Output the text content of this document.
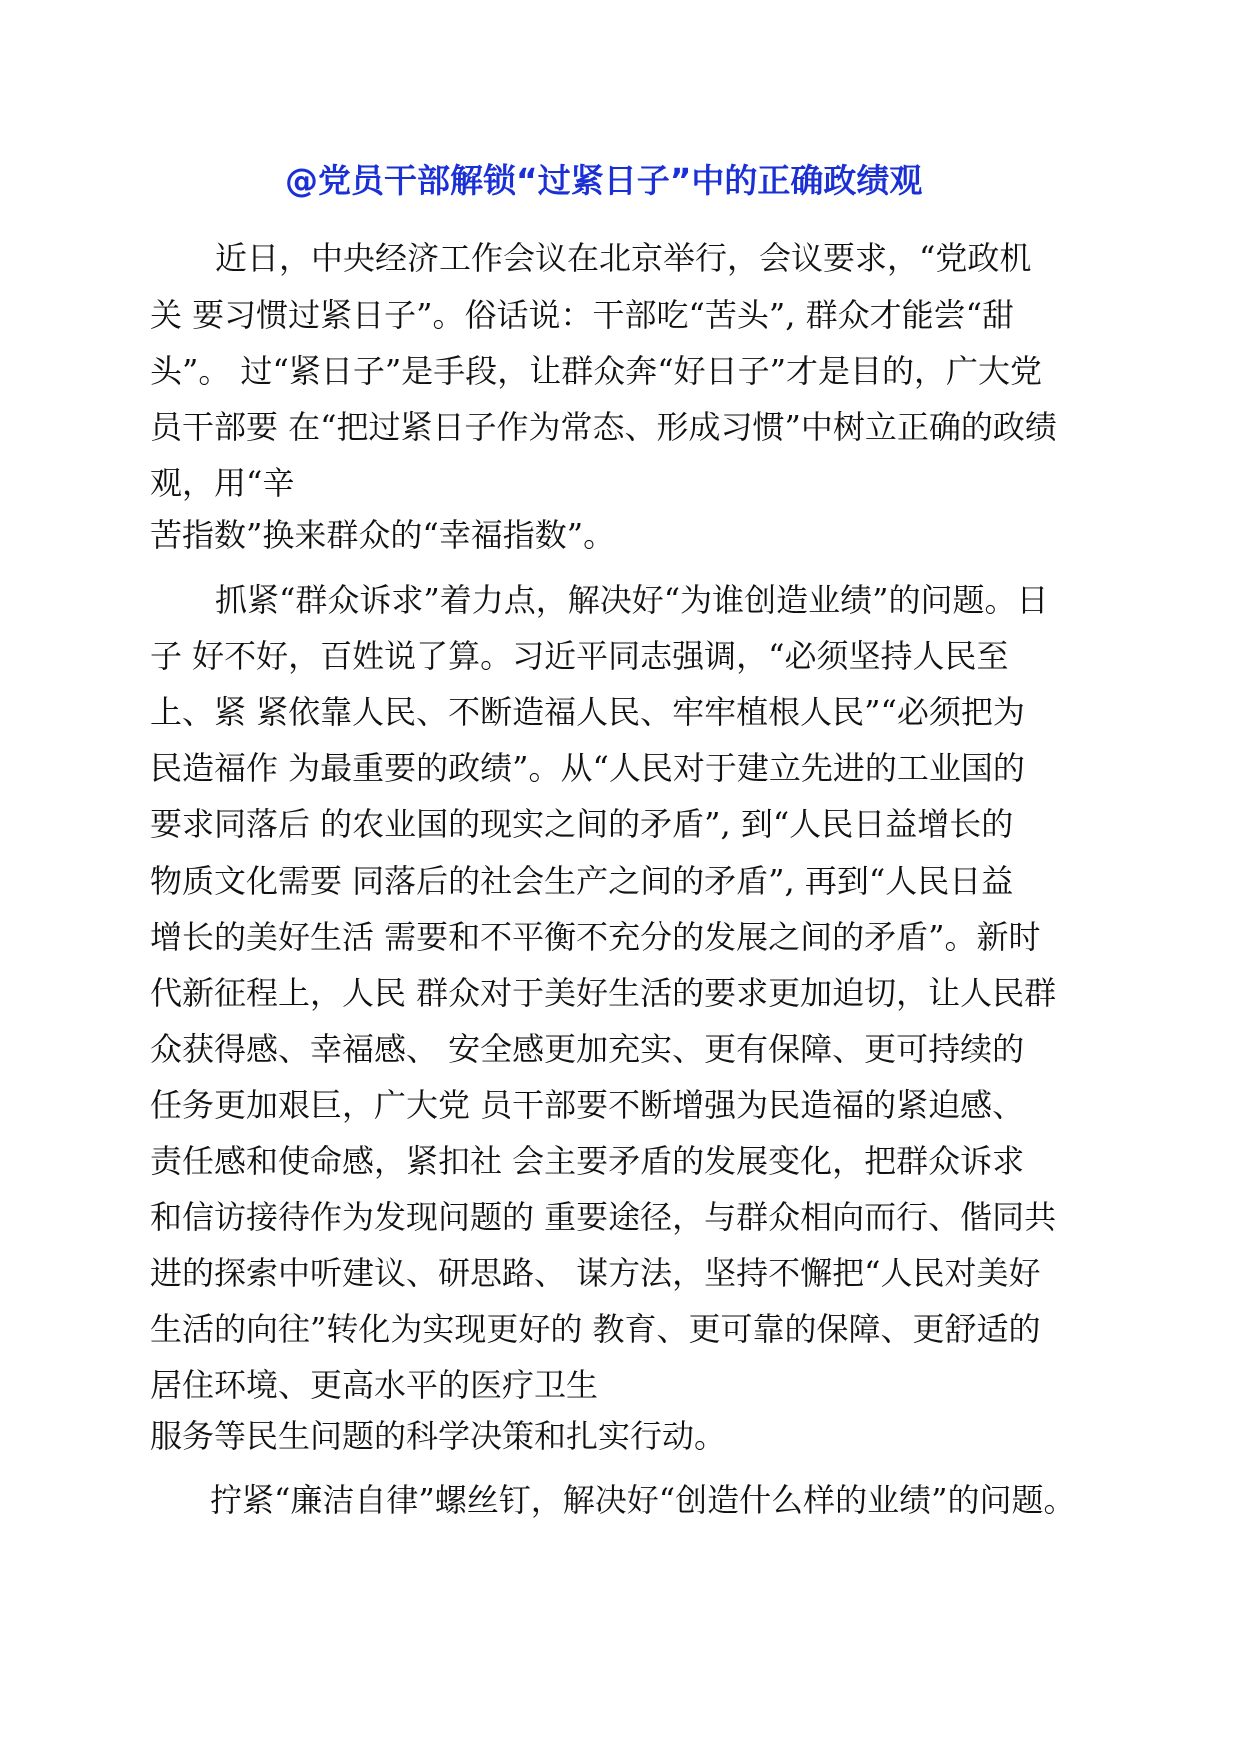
@党员干部解锁“过紧日子”中的正确政绩观
近日，中央经济工作会议在北京举行，会议要求，“党政机
关 要习惯过紧日子”。俗话说：干部吃“苦头”, 群众才能尝“甜
头”。 过“紧日子”是手段，让群众奔“好日子”才是目的，广大党
员干部要 在“把过紧日子作为常态、形成习惯”中树立正确的政绩
观，用“辛
苦指数”换来群众的“幸福指数”。
抓紧“群众诉求”着力点，解决好“为谁创造业绩”的问题。日
子 好不好，百姓说了算。习近平同志强调，“必须坚持人民至
上、紧 紧依靠人民、不断造福人民、牢牢植根人民”“必须把为
民造福作 为最重要的政绩”。从“人民对于建立先进的工业国的
要求同落后 的农业国的现实之间的矛盾”, 到“人民日益增长的
物质文化需要 同落后的社会生产之间的矛盾”, 再到“人民日益
增长的美好生活 需要和不平衡不充分的发展之间的矛盾”。新时
代新征程上，人民 群众对于美好生活的要求更加迫切，让人民群
众获得感、幸福感、 安全感更加充实、更有保障、更可持续的
任务更加艰巨，广大党 员干部要不断增强为民造福的紧迫感、
责任感和使命感，紧扣社 会主要矛盾的发展变化，把群众诉求
和信访接待作为发现问题的 重要途径，与群众相向而行、偕同共
进的探索中听建议、研思路、 谋方法，坚持不懈把“人民对美好
生活的向往”转化为实现更好的 教育、更可靠的保障、更舒适的
居住环境、更高水平的医疗卫生
服务等民生问题的科学决策和扎实行动。
拧紧“廉洁自律”螺丝钉，解决好“创造什么样的业绩”的问题。
